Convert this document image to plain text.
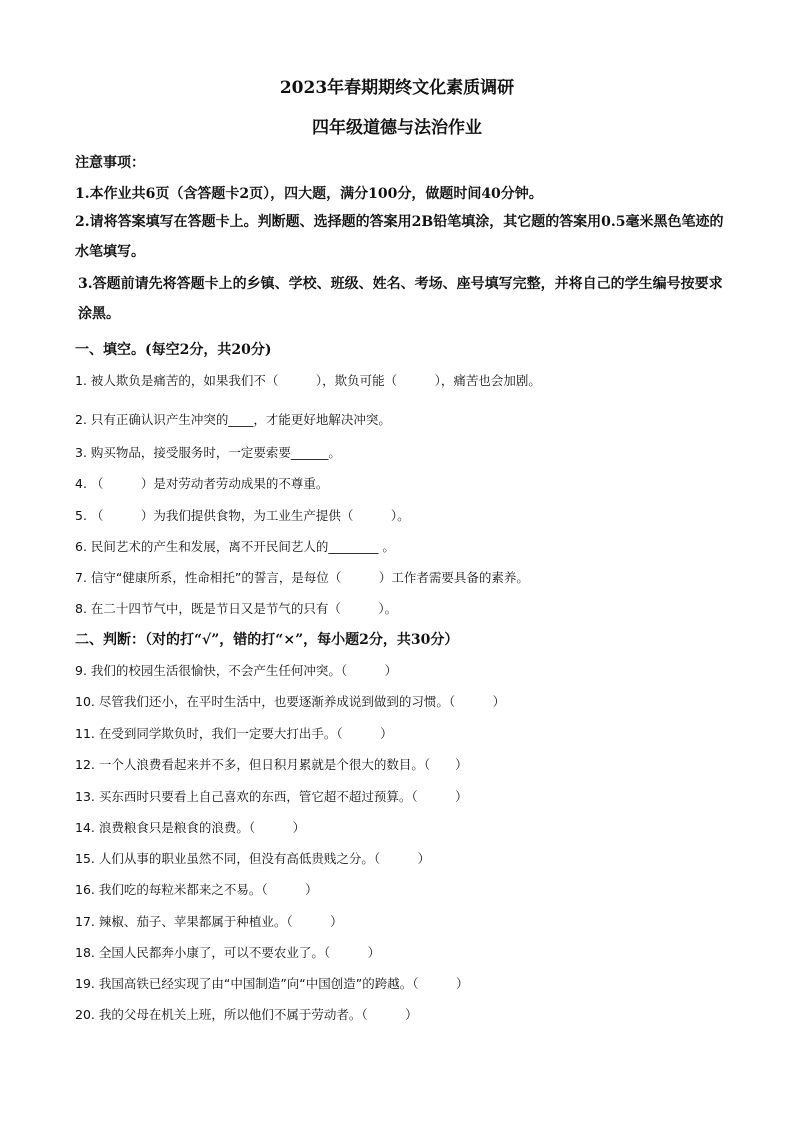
2023年春期期终文化素质调研
四年级道德与法治作业
注意事项：
1.本作业共6页（含答题卡2页），四大题，满分100分，做题时间40分钟。
2.请将答案填写在答题卡上。判断题、选择题的答案用2B铅笔填涂，其它题的答案用0.5毫米黑色笔迹的水笔填写。
3.答题前请先将答题卡上的乡镇、学校、班级、姓名、考场、座号填写完整，并将自己的学生编号按要求涂黑。
一、填空。(每空2分，共20分)
1. 被人欺负是痛苦的，如果我们不（　　　），欺负可能（　　　），痛苦也会加剧。
2. 只有正确认识产生冲突的____，才能更好地解决冲突。
3. 购买物品，接受服务时，一定要索要______。
4. （　　　）是对劳动者劳动成果的不尊重。
5. （　　　）为我们提供食物，为工业生产提供（　　　）。
6. 民间艺术的产生和发展，离不开民间艺人的________ 。
7. 信守“健康所系，性命相托”的誓言，是每位（　　　）工作者需要具备的素养。
8. 在二十四节气中，既是节日又是节气的只有（　　　）。
二、判断：（对的打“√”，错的打“×”，每小题2分，共30分）
9. 我们的校园生活很愉快，不会产生任何冲突。（　　　）
10. 尽管我们还小，在平时生活中，也要逐渐养成说到做到的习惯。（　　　）
11. 在受到同学欺负时，我们一定要大打出手。（　　　）
12. 一个人浪费看起来并不多，但日积月累就是个很大的数目。（　　）
13. 买东西时只要看上自己喜欢的东西，管它超不超过预算。（　　　）
14. 浪费粮食只是粮食的浪费。（　　　）
15. 人们从事的职业虽然不同，但没有高低贵贱之分。（　　　）
16. 我们吃的每粒米都来之不易。（　　　）
17. 辣椒、茄子、苹果都属于种植业。（　　　）
18. 全国人民都奔小康了，可以不要农业了。（　　　）
19. 我国高铁已经实现了由“中国制造”向“中国创造”的跨越。（　　　）
20. 我的父母在机关上班，所以他们不属于劳动者。（　　　）
